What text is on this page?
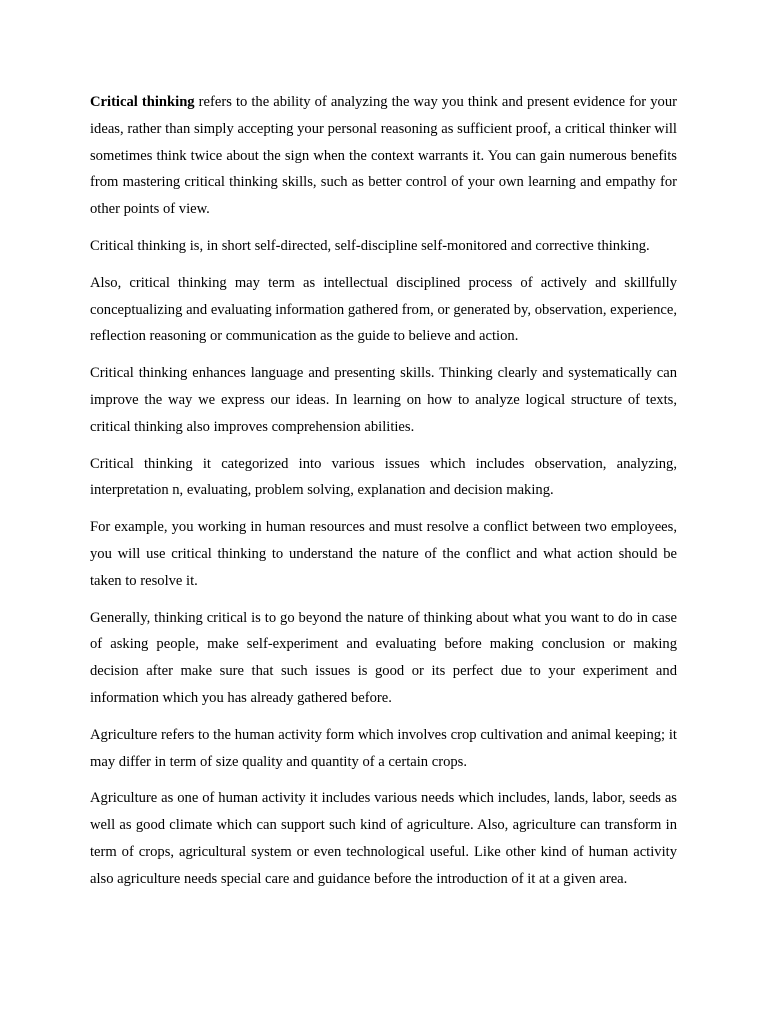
Critical thinking refers to the ability of analyzing the way you think and present evidence for your ideas, rather than simply accepting your personal reasoning as sufficient proof, a critical thinker will sometimes think twice about the sign when the context warrants it. You can gain numerous benefits from mastering critical thinking skills, such as better control of your own learning and empathy for other points of view.

Critical thinking is, in short self-directed, self-discipline self-monitored and corrective thinking.

Also, critical thinking may term as intellectual disciplined process of actively and skillfully conceptualizing and evaluating information gathered from, or generated by, observation, experience, reflection reasoning or communication as the guide to believe and action.

Critical thinking enhances language and presenting skills. Thinking clearly and systematically can improve the way we express our ideas. In learning on how to analyze logical structure of texts, critical thinking also improves comprehension abilities.

Critical thinking it categorized into various issues which includes observation, analyzing, interpretation n, evaluating, problem solving, explanation and decision making.

For example, you working in human resources and must resolve a conflict between two employees, you will use critical thinking to understand the nature of the conflict and what action should be taken to resolve it.

Generally, thinking critical is to go beyond the nature of thinking about what you want to do in case of asking people, make self-experiment and evaluating before making conclusion or making decision after make sure that such issues is good or its perfect due to your experiment and information which you has already gathered before.

Agriculture refers to the human activity form which involves crop cultivation and animal keeping; it may differ in term of size quality and quantity of a certain crops.

Agriculture as one of human activity it includes various needs which includes, lands, labor, seeds as well as good climate which can support such kind of agriculture. Also, agriculture can transform in term of crops, agricultural system or even technological useful. Like other kind of human activity also agriculture needs special care and guidance before the introduction of it at a given area.
